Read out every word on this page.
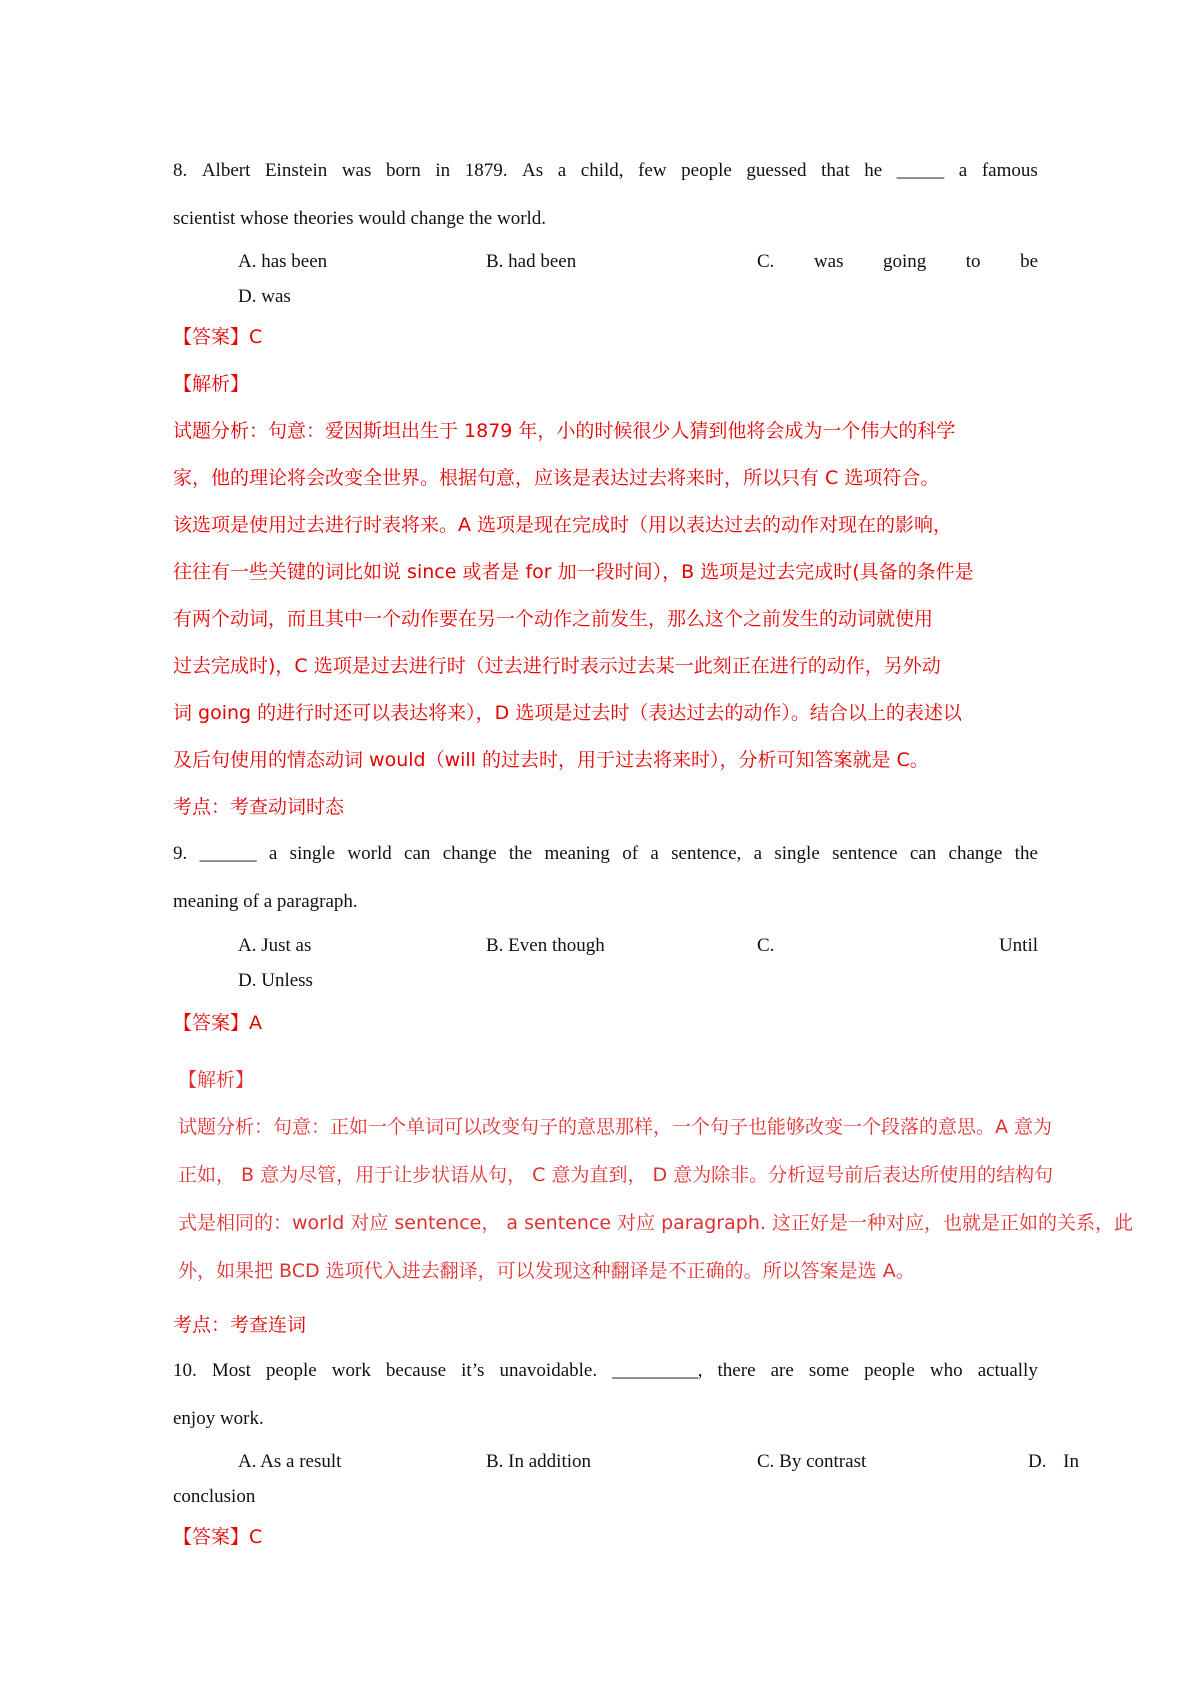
8. Albert Einstein was born in 1879. As a child, few people guessed that he _____ a famous
scientist whose theories would change the world.
A. has been	B. had been	C. was going to be
D. was
【答案】C
【解析】
试题分析：句意：爱因斯坦出生于 1879 年，小的时候很少人猜到他将会成为一个伟大的科学
家，他的理论将会改变全世界。根据句意，应该是表达过去将来时，所以只有 C 选项符合。
该选项是使用过去进行时表将来。A 选项是现在完成时（用以表达过去的动作对现在的影响，
往往有一些关键的词比如说 since 或者是 for 加一段时间），B 选项是过去完成时(具备的条件是
有两个动词，而且其中一个动作要在另一个动作之前发生，那么这个之前发生的动词就使用
过去完成时)，C 选项是过去进行时（过去进行时表示过去某一此刻正在进行的动作，另外动
词 going 的进行时还可以表达将来），D 选项是过去时（表达过去的动作）。结合以上的表述以
及后句使用的情态动词 would（will 的过去时，用于过去将来时），分析可知答案就是 C。
考点：考查动词时态
9. ______ a single world can change the meaning of a sentence, a single sentence can change the
meaning of a paragraph.
A. Just as	B. Even though	C.	Until
D. Unless
【答案】A
【解析】
试题分析：句意：正如一个单词可以改变句子的意思那样，一个句子也能够改变一个段落的意思。A 意为
正如， B 意为尽管，用于让步状语从句， C 意为直到， D 意为除非。分析逗号前后表达所使用的结构句
式是相同的：world 对应 sentence， a sentence 对应 paragraph. 这正好是一种对应，也就是正如的关系，此
外，如果把 BCD 选项代入进去翻译，可以发现这种翻译是不正确的。所以答案是选 A。
考点：考查连词
10. Most people work because it’s unavoidable. _________, there are some people who actually
enjoy work.
A. As a result	B. In addition	C. By contrast	D. In
conclusion
【答案】C
